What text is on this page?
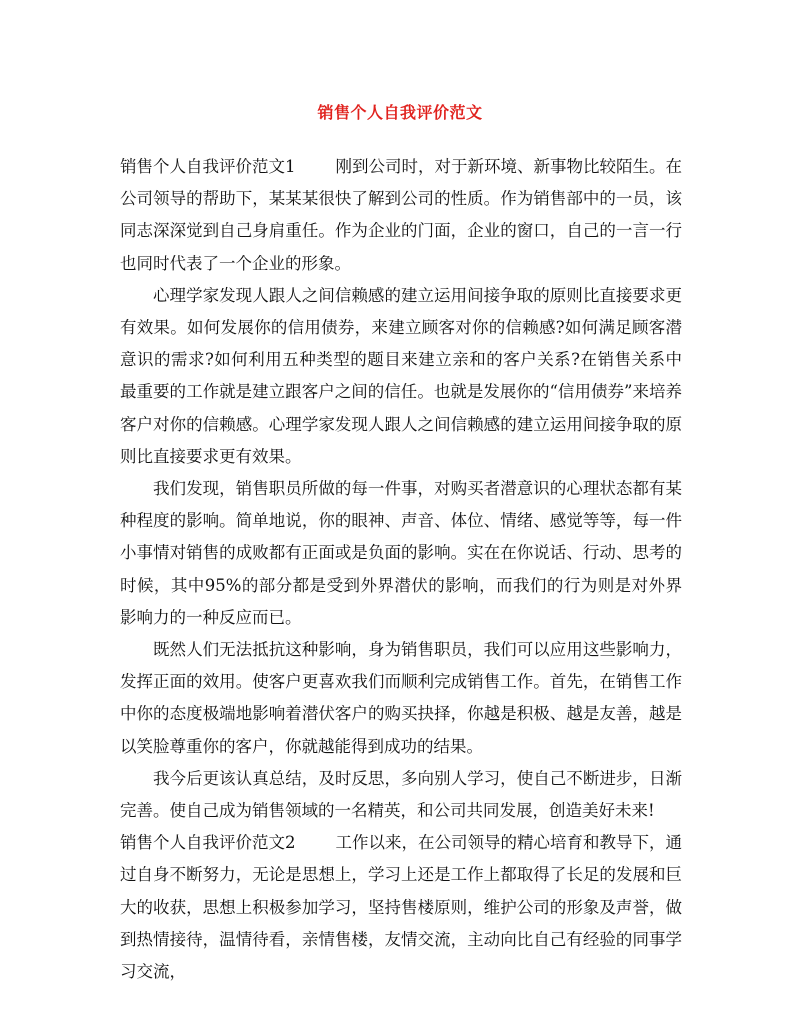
销售个人自我评价范文

销售个人自我评价范文1 刚到公司时，对于新环境、新事物比较陌生。在公司领导的帮助下，某某某很快了解到公司的性质。作为销售部中的一员，该同志深深觉到自己身肩重任。作为企业的门面，企业的窗口，自己的一言一行也同时代表了一个企业的形象。

心理学家发现人跟人之间信赖感的建立运用间接争取的原则比直接要求更有效果。如何发展你的信用债券，来建立顾客对你的信赖感?如何满足顾客潜意识的需求?如何利用五种类型的题目来建立亲和的客户关系?在销售关系中最重要的工作就是建立跟客户之间的信任。也就是发展你的“信用债券”来培养客户对你的信赖感。心理学家发现人跟人之间信赖感的建立运用间接争取的原则比直接要求更有效果。

我们发现，销售职员所做的每一件事，对购买者潜意识的心理状态都有某种程度的影响。简单地说，你的眼神、声音、体位、情绪、感觉等等，每一件小事情对销售的成败都有正面或是负面的影响。实在在你说话、行动、思考的时候，其中95%的部分都是受到外界潜伏的影响，而我们的行为则是对外界影响力的一种反应而已。

既然人们无法抵抗这种影响，身为销售职员，我们可以应用这些影响力，发挥正面的效用。使客户更喜欢我们而顺利完成销售工作。首先，在销售工作中你的态度极端地影响着潜伏客户的购买抉择，你越是积极、越是友善，越是以笑脸尊重你的客户，你就越能得到成功的结果。

我今后更该认真总结，及时反思，多向别人学习，使自己不断进步，日渐完善。使自己成为销售领域的一名精英，和公司共同发展，创造美好未来!

销售个人自我评价范文2 工作以来，在公司领导的精心培育和教导下，通过自身不断努力，无论是思想上，学习上还是工作上都取得了长足的发展和巨大的收获，思想上积极参加学习，坚持售楼原则，维护公司的形象及声誉，做到热情接待，温情待看，亲情售楼，友情交流，主动向比自己有经验的同事学习交流，
